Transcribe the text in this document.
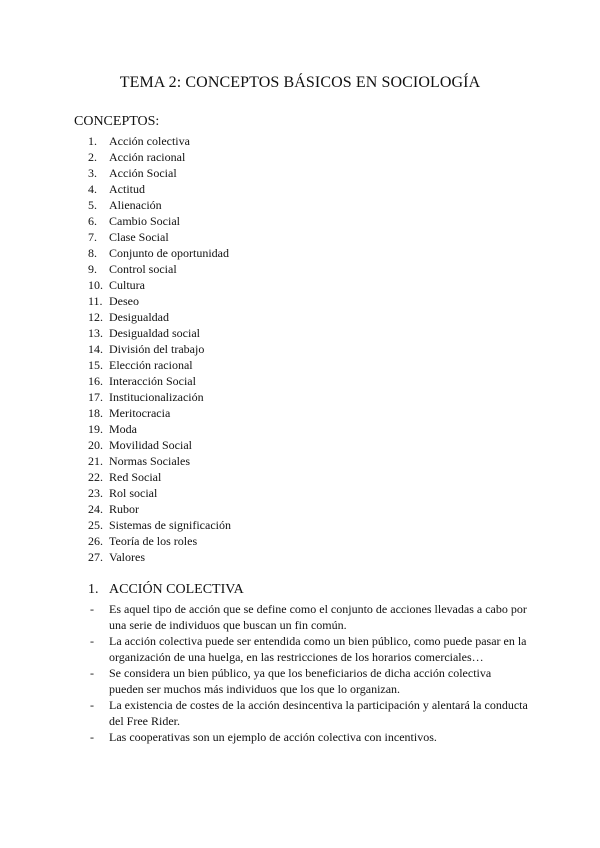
TEMA 2: CONCEPTOS BÁSICOS EN SOCIOLOGÍA
CONCEPTOS:
1. Acción colectiva
2. Acción racional
3. Acción Social
4. Actitud
5. Alienación
6. Cambio Social
7. Clase Social
8. Conjunto de oportunidad
9. Control social
10. Cultura
11. Deseo
12. Desigualdad
13. Desigualdad social
14. División del trabajo
15. Elección racional
16. Interacción Social
17. Institucionalización
18. Meritocracia
19. Moda
20. Movilidad Social
21. Normas Sociales
22. Red Social
23. Rol social
24. Rubor
25. Sistemas de significación
26. Teoría de los roles
27. Valores
1. ACCIÓN COLECTIVA
- Es aquel tipo de acción que se define como el conjunto de acciones llevadas a cabo por una serie de individuos que buscan un fin común.
- La acción colectiva puede ser entendida como un bien público, como puede pasar en la organización de una huelga, en las restricciones de los horarios comerciales…
- Se considera un bien público, ya que los beneficiarios de dicha acción colectiva pueden ser muchos más individuos que los que lo organizan.
- La existencia de costes de la acción desincentiva la participación y alentará la conducta del Free Rider.
- Las cooperativas son un ejemplo de acción colectiva con incentivos.
